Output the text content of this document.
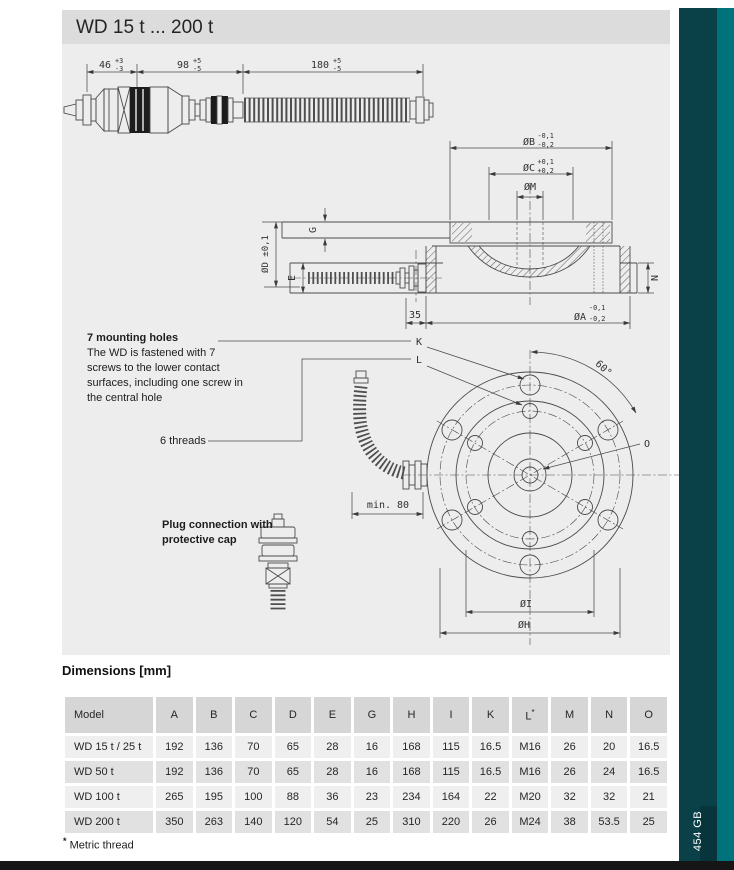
WD 15 t ... 200 t
46 +3
-3	98 +5
-5	180 +5
-5
ØB
-0,1
-0,2
ØC
+0,1
+0,2
ØM
G
ØD ±0,1
E	N
35	ØA
-0,1
-0,2
K
L	60°
O
min. 80
ØI
ØH
7 mounting holes
The WD is fastened with 7 screws to the lower contact surfaces, including one screw in the central hole
6 threads
Plug connection with
protective cap
Dimensions [mm]
Model	A	B	C	D	E	G	H	I	K	L*	M	N	O
WD 15 t / 25 t	192	136	70	65	28	16	168	115	16.5	M16	26	20	16.5
WD 50 t	192	136	70	65	28	16	168	115	16.5	M16	26	24	16.5
WD 100 t	265	195	100	88	36	23	234	164	22	M20	32	32	21
WD 200 t	350	263	140	120	54	25	310	220	26	M24	38	53.5	25
* Metric thread	454 GB
